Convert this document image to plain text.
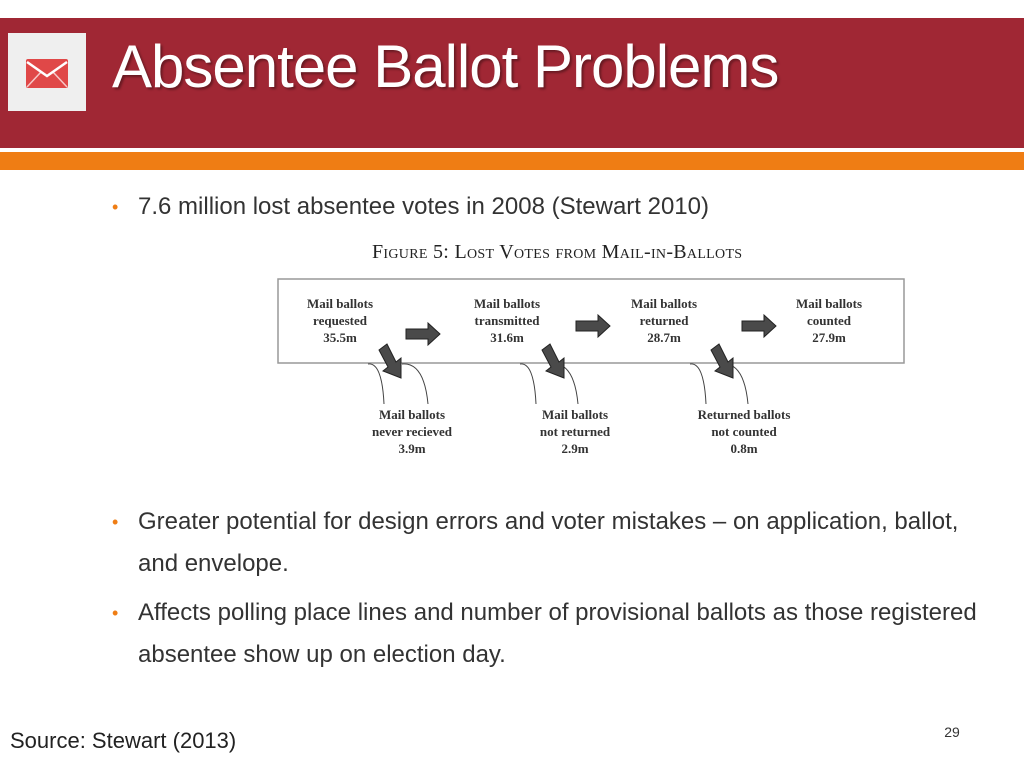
Absentee Ballot Problems

• 7.6 million lost absentee votes in 2008 (Stewart 2010)

Figure 5: Lost Votes from Mail-in-Ballots

Mail ballots
requested
35.5m
Mail ballots
transmitted
31.6m
Mail ballots
returned
28.7m
Mail ballots
counted
27.9m
Mail ballots
never recieved
3.9m
Mail ballots
not returned
2.9m
Returned ballots
not counted
0.8m

• Greater potential for design errors and voter mistakes – on application, ballot, and envelope.

• Affects polling place lines and number of provisional ballots as those registered absentee show up on election day.

Source: Stewart (2013)	29
